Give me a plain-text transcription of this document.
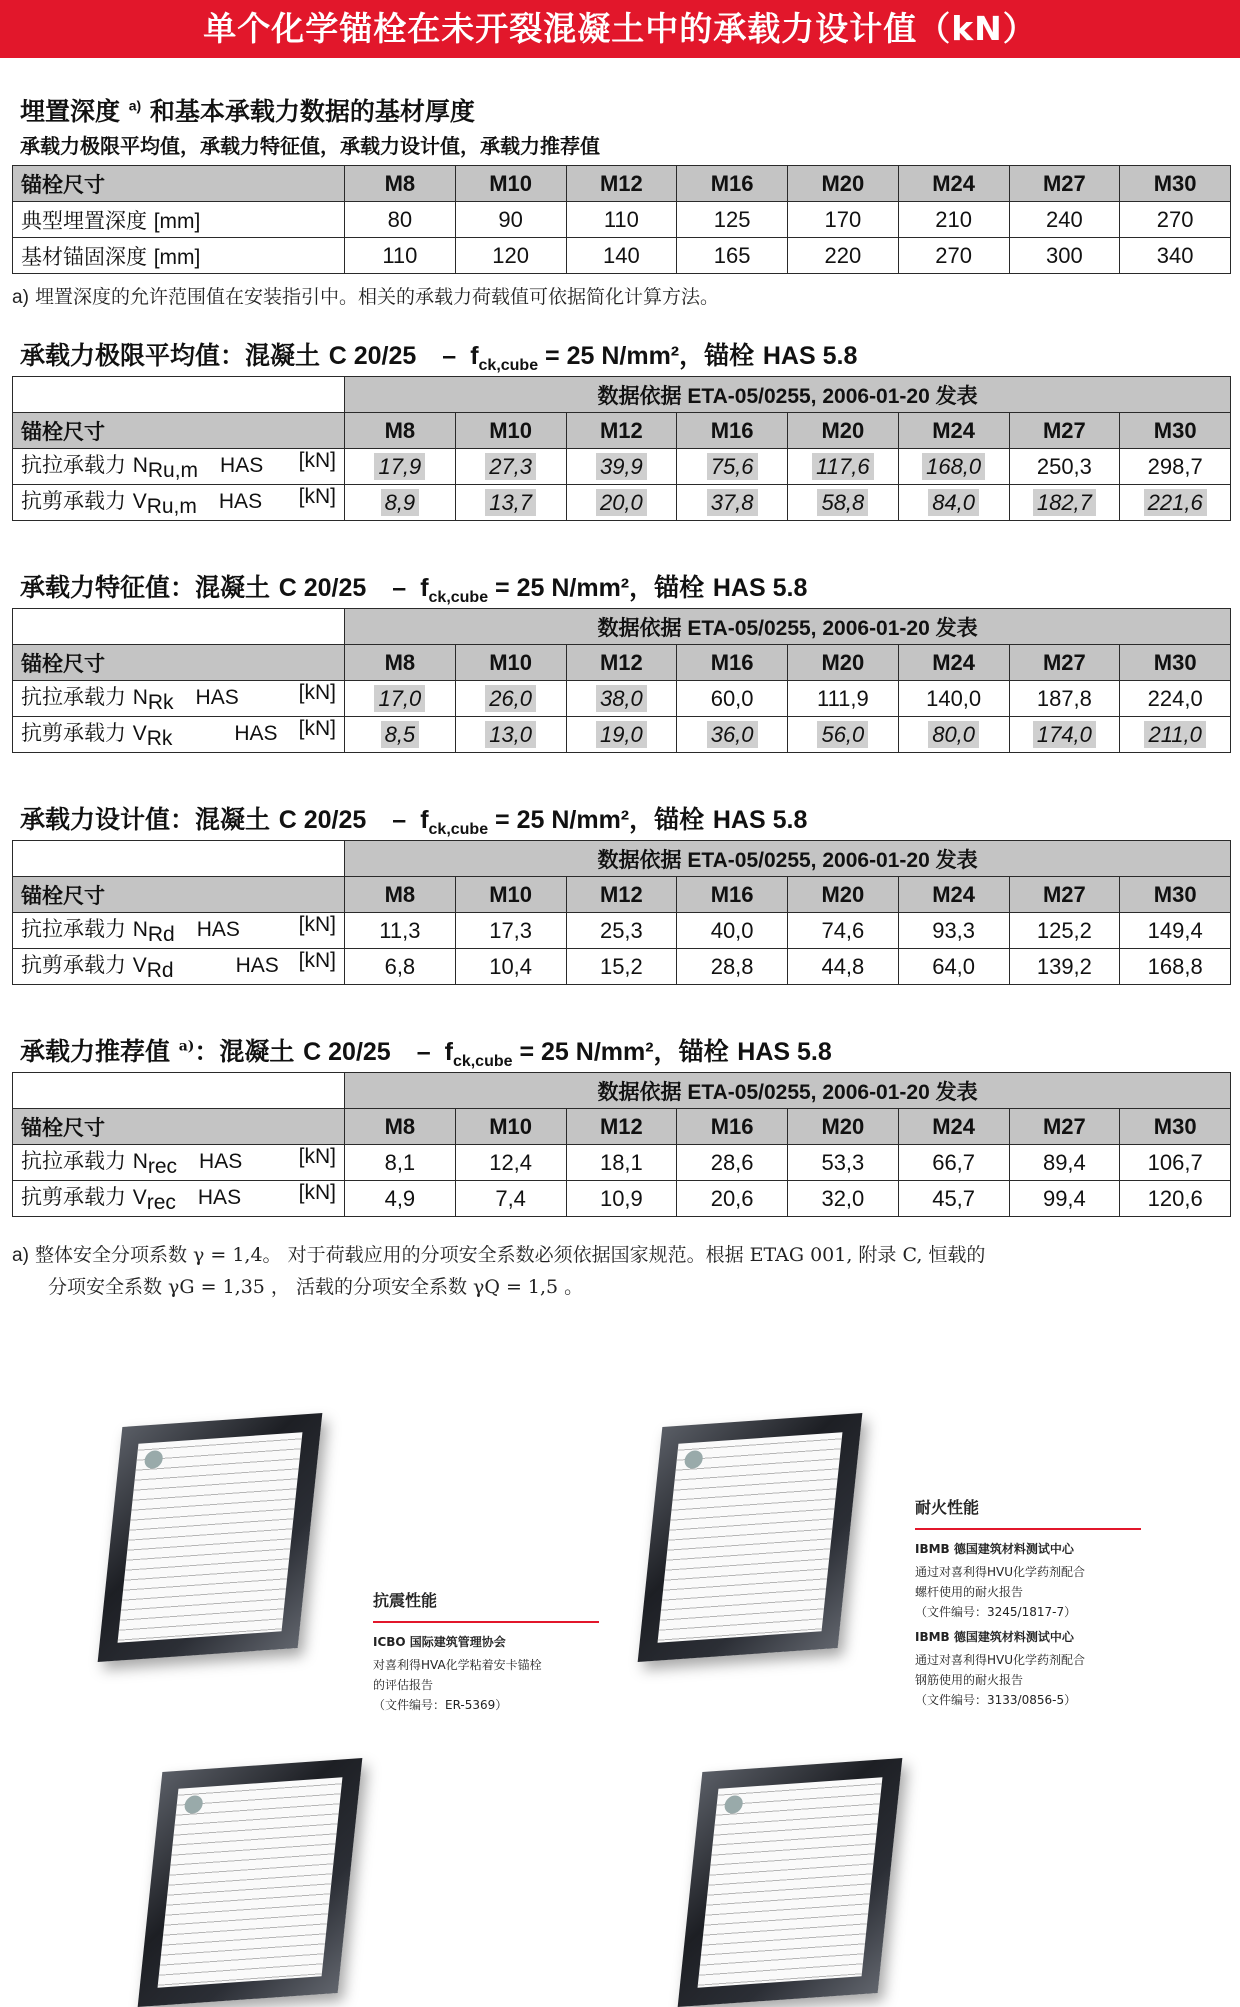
单个化学锚栓在未开裂混凝土中的承载力设计值（kN）
埋置深度 $^{a)}$ 和基本承载力数据的基材厚度
承载力极限平均值，承载力特征值，承载力设计值，承载力推荐值
锚栓尺寸	M8	M10	M12	M16	M20	M24	M27	M30
典型埋置深度 [mm]	80	90	110	125	170	210	240	270
基材锚固深度 [mm]	110	120	140	165	220	270	300	340
a) 埋置深度的允许范围值在安装指引中。相关的承载力荷载值可依据简化计算方法。
承载力极限平均值：混凝土 C $20/25 - f_{ck,cube} = 25$ N/mm²，锚栓 HAS 5.8
	数据依据 ETA-05/0255, 2006-01-20 发表							
锚栓尺寸	M8	M10	M12	M16	M20	M24	M27	M30
抗拉承载力 $N_{Ru,m}$ HAS [kN]	17,9	27,3	39,9	75,6	117,6	168,0	250,3	298,7
抗剪承载力 $V_{Ru,m}$ HAS [kN]	8,9	13,7	20,0	37,8	58,8	84,0	182,7	221,6
承载力特征值：混凝土 C $20/25 - f_{ck,cube} = 25$ N/mm²，锚栓 HAS 5.8
	数据依据 ETA-05/0255, 2006-01-20 发表							
锚栓尺寸	M8	M10	M12	M16	M20	M24	M27	M30
抗拉承载力 $N_{Rk}$ HAS [kN]	17,0	26,0	38,0	60,0	111,9	140,0	187,8	224,0
抗剪承载力 $V_{Rk}$ HAS [kN]	8,5	13,0	19,0	36,0	56,0	80,0	174,0	211,0
承载力设计值：混凝土 C $20/25 - f_{ck,cube} = 25$ N/mm²，锚栓 HAS 5.8
	数据依据 ETA-05/0255, 2006-01-20 发表							
锚栓尺寸	M8	M10	M12	M16	M20	M24	M27	M30
抗拉承载力 $N_{Rd}$ HAS [kN]	11,3	17,3	25,3	40,0	74,6	93,3	125,2	149,4
抗剪承载力 $V_{Rd}$ HAS [kN]	6,8	10,4	15,2	28,8	44,8	64,0	139,2	168,8
承载力推荐值 $^{a)}$：混凝土 C $20/25 - f_{ck,cube} = 25$ N/mm²，锚栓 HAS 5.8
	数据依据 ETA-05/0255, 2006-01-20 发表							
锚栓尺寸	M8	M10	M12	M16	M20	M24	M27	M30
抗拉承载力 $N_{rec}$ HAS [kN]	8,1	12,4	18,1	28,6	53,3	66,7	89,4	106,7
抗剪承载力 $V_{rec}$ HAS [kN]	4,9	7,4	10,9	20,6	32,0	45,7	99,4	120,6
a) 整体安全分项系数 γ = 1,4。 对于荷载应用的分项安全系数必须依据国家规范。根据 ETAG 001, 附录 C, 恒载的
分项安全系数 γG = 1,35 ， 活载的分项安全系数 γQ = 1,5 。
抗震性能
ICBO 国际建筑管理协会
对喜利得HVA化学粘着安卡锚栓
的评估报告
（文件编号：ER-5369）
耐火性能
IBMB 德国建筑材料测试中心
通过对喜利得HVU化学药剂配合
螺杆使用的耐火报告
（文件编号：3245/1817-7）
IBMB 德国建筑材料测试中心
通过对喜利得HVU化学药剂配合
钢筋使用的耐火报告
（文件编号：3133/0856-5）
